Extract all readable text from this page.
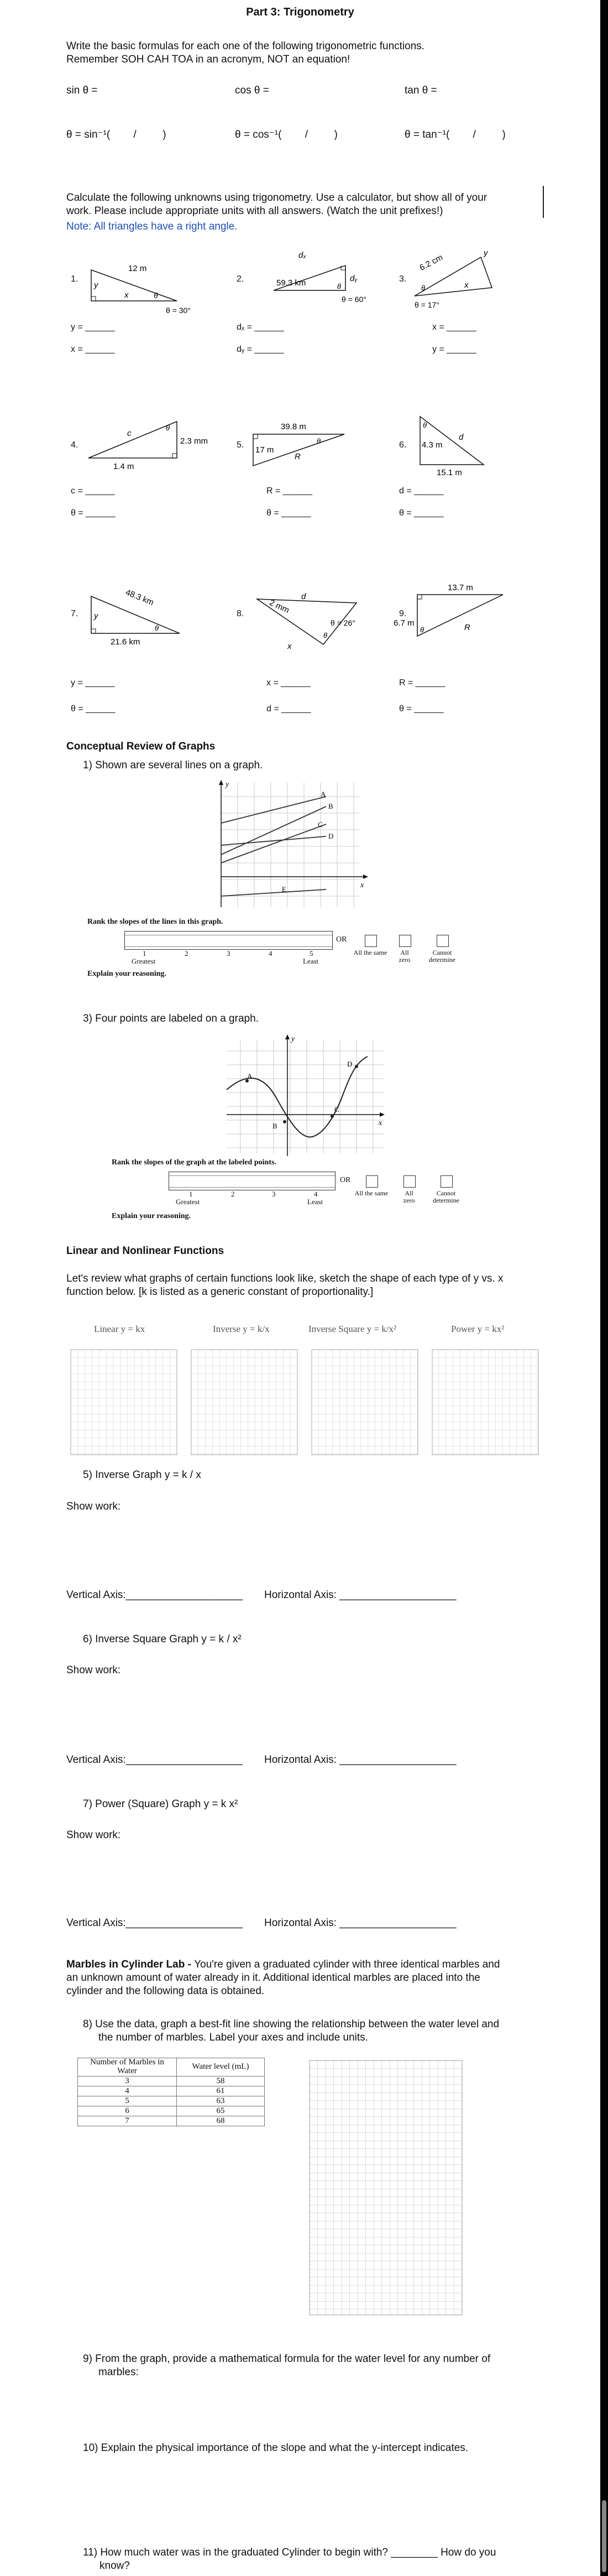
Part 3: Trigonometry
Write the basic formulas for each one of the following trigonometric functions.
Remember SOH CAH TOA in an acronym, NOT an equation!
sin θ =	cos θ =	tan θ =
θ = sin⁻¹(        /         )	θ = cos⁻¹(        /         )	θ = tan⁻¹(        /         )
Calculate the following unknowns using trigonometry. Use a calculator, but show all of your
work. Please include appropriate units with all answers. (Watch the unit prefixes!)
Note: All triangles have a right angle.
1.
12 m
y
x	θ
θ = 30°
y = ______
x = ______
2.
dₓ
59.3 km	dᵧ
θ
θ = 60°
dₓ = ______
dᵧ = ______
3.
6.2 cm	y
θ	x
θ = 17°
x = ______
y = ______
4.
c
θ
2.3 mm
1.4 m
c = ______
θ = ______
5.
39.8 m
17 m
θ
R
R = ______
θ = ______
6.
θ
4.3 m
d
15.1 m
d = ______
θ = ______
7.
48.3 km
y
θ
21.6 km
y = ______
θ = ______
8.	2 mm
d
θ = 26°
x
θ
x = ______
d = ______
9.
13.7 m
6.7 m
θ	R
R = ______
θ = ______
Conceptual Review of Graphs
1) Shown are several lines on a graph.
y
x
A
B
C
D
E
Rank the slopes of the lines in this graph.
1	2	3	4	5
Greatest	Least
OR
All the same	All zero
Cannot determine
Explain your reasoning.
3) Four points are labeled on a graph.
y
x
A
B
C
D
Rank the slopes of the graph at the labeled points.
1	2	3	4
Greatest	Least
OR
All the same	All zero
Cannot determine
Explain your reasoning.
Linear and Nonlinear Functions
Let's review what graphs of certain functions look like, sketch the shape of each type of y vs. x
function below. [k is listed as a generic constant of proportionality.]
Linear y = kx	Inverse y = k/x	Inverse Square y = k/x²	Power y = kx²
5) Inverse Graph y = k / x
Show work:
Vertical Axis:____________________ Horizontal Axis: ____________________
6) Inverse Square Graph y = k / x²
Show work:
Vertical Axis:____________________ Horizontal Axis: ____________________
7) Power (Square) Graph y = k x²
Show work:
Vertical Axis:____________________ Horizontal Axis: ____________________
Marbles in Cylinder Lab - You're given a graduated cylinder with three identical marbles and
an unknown amount of water already in it. Additional identical marbles are placed into the
cylinder and the following data is obtained.
8) Use the data, graph a best-fit line showing the relationship between the water level and
the number of marbles. Label your axes and include units.
Number of Marbles in Water	Water level (mL)
3	58
4	61
5	63
6	65
7	68
9) From the graph, provide a mathematical formula for the water level for any number of
marbles:
10) Explain the physical importance of the slope and what the y-intercept indicates.
11) How much water was in the graduated Cylinder to begin with? ________ How do you
know?
